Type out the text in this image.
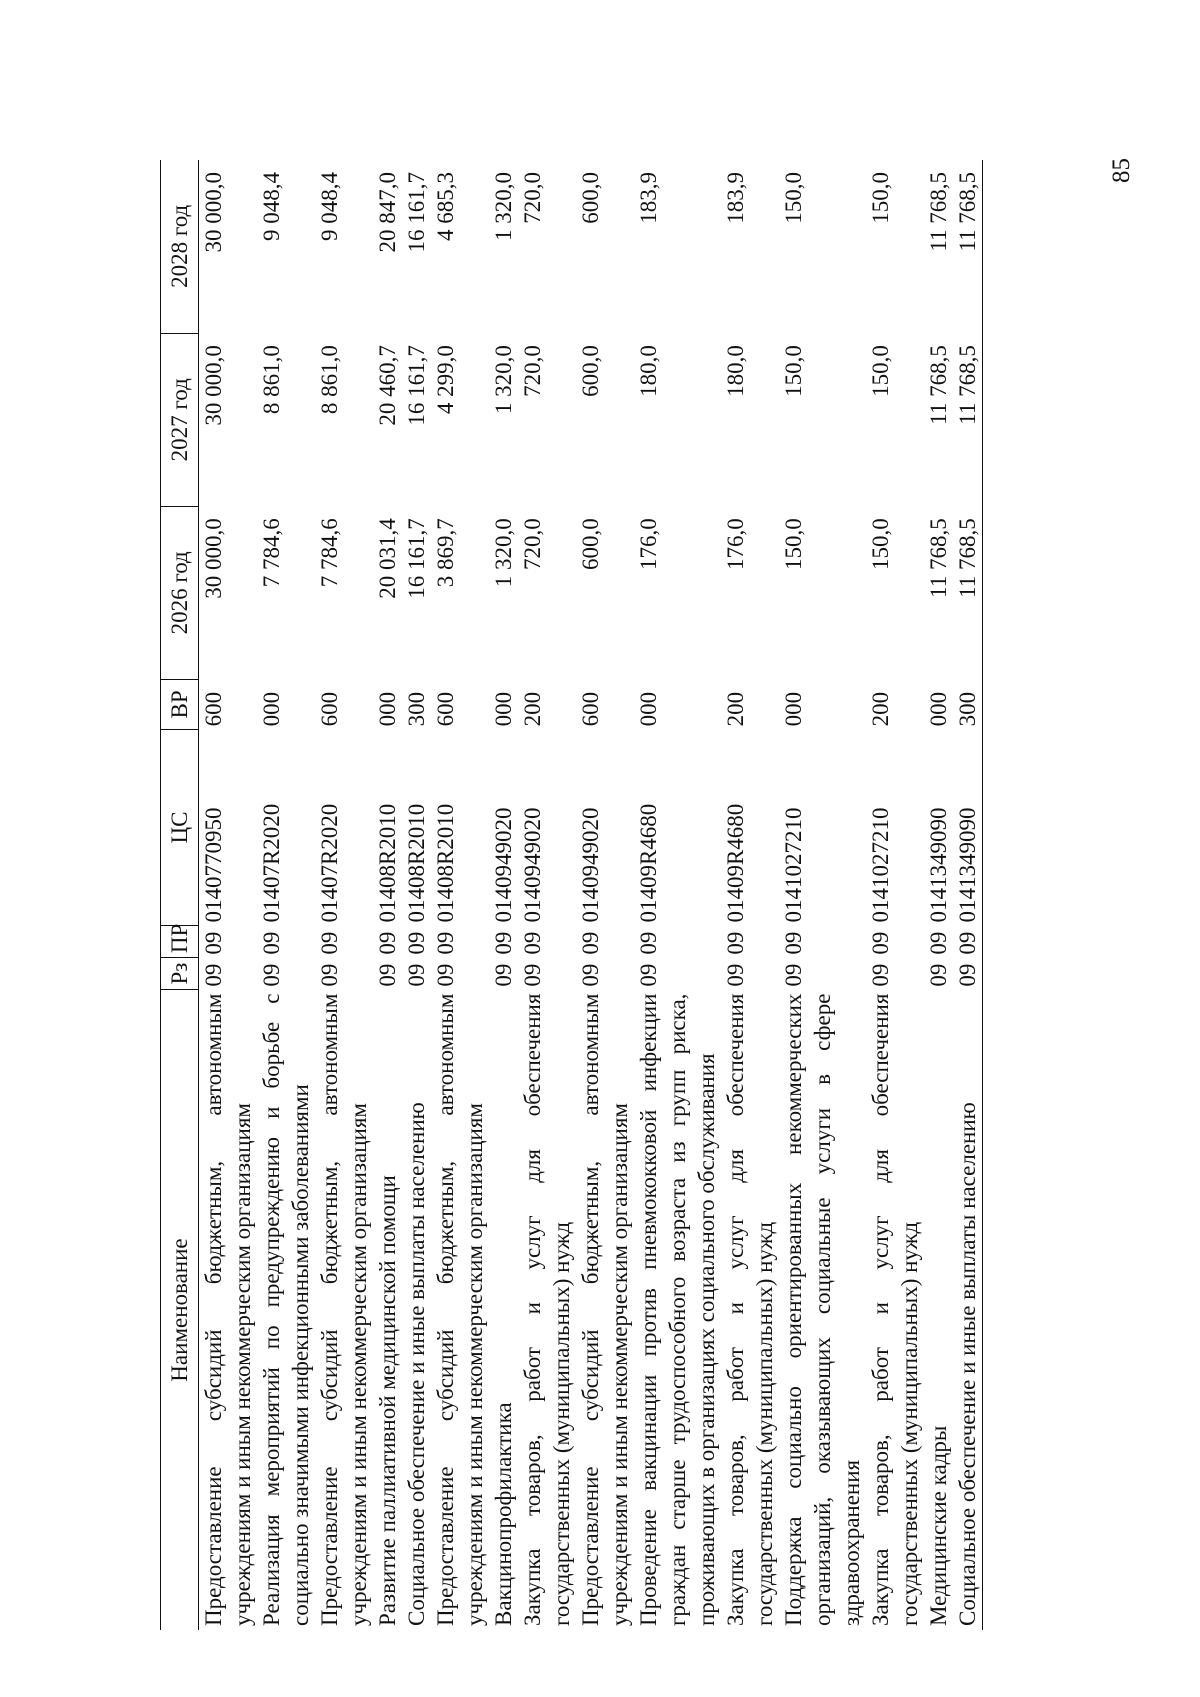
85
Наименование	Рз	ПР	ЦС	ВР	2026 год	2027 год	2028 год
Предоставление субсидий бюджетным, автономным учреждениям и иным некоммерческим организациям	09	09	0140770950	600	30 000,0	30 000,0	30 000,0
Реализация мероприятий по предупреждению и борьбе с социально значимыми инфекционными заболеваниями	09	09	01407R2020	000	7 784,6	8 861,0	9 048,4
Предоставление субсидий бюджетным, автономным учреждениям и иным некоммерческим организациям	09	09	01407R2020	600	7 784,6	8 861,0	9 048,4
Развитие паллиативной медицинской помощи	09	09	01408R2010	000	20 031,4	20 460,7	20 847,0
Социальное обеспечение и иные выплаты населению	09	09	01408R2010	300	16 161,7	16 161,7	16 161,7
Предоставление субсидий бюджетным, автономным учреждениям и иным некоммерческим организациям	09	09	01408R2010	600	3 869,7	4 299,0	4 685,3
Вакцинопрофилактика	09	09	0140949020	000	1 320,0	1 320,0	1 320,0
Закупка товаров, работ и услуг для обеспечения государственных (муниципальных) нужд	09	09	0140949020	200	720,0	720,0	720,0
Предоставление субсидий бюджетным, автономным учреждениям и иным некоммерческим организациям	09	09	0140949020	600	600,0	600,0	600,0
Проведение вакцинации против пневмококковой инфекции граждан старше трудоспособного возраста из групп риска, проживающих в организациях социального обслуживания	09	09	01409R4680	000	176,0	180,0	183,9
Закупка товаров, работ и услуг для обеспечения государственных (муниципальных) нужд	09	09	01409R4680	200	176,0	180,0	183,9
Поддержка социально ориентированных некоммерческих организаций, оказывающих социальные услуги в сфере здравоохранения	09	09	0141027210	000	150,0	150,0	150,0
Закупка товаров, работ и услуг для обеспечения государственных (муниципальных) нужд	09	09	0141027210	200	150,0	150,0	150,0
Медицинские кадры	09	09	0141349090	000	11 768,5	11 768,5	11 768,5
Социальное обеспечение и иные выплаты населению	09	09	0141349090	300	11 768,5	11 768,5	11 768,5
